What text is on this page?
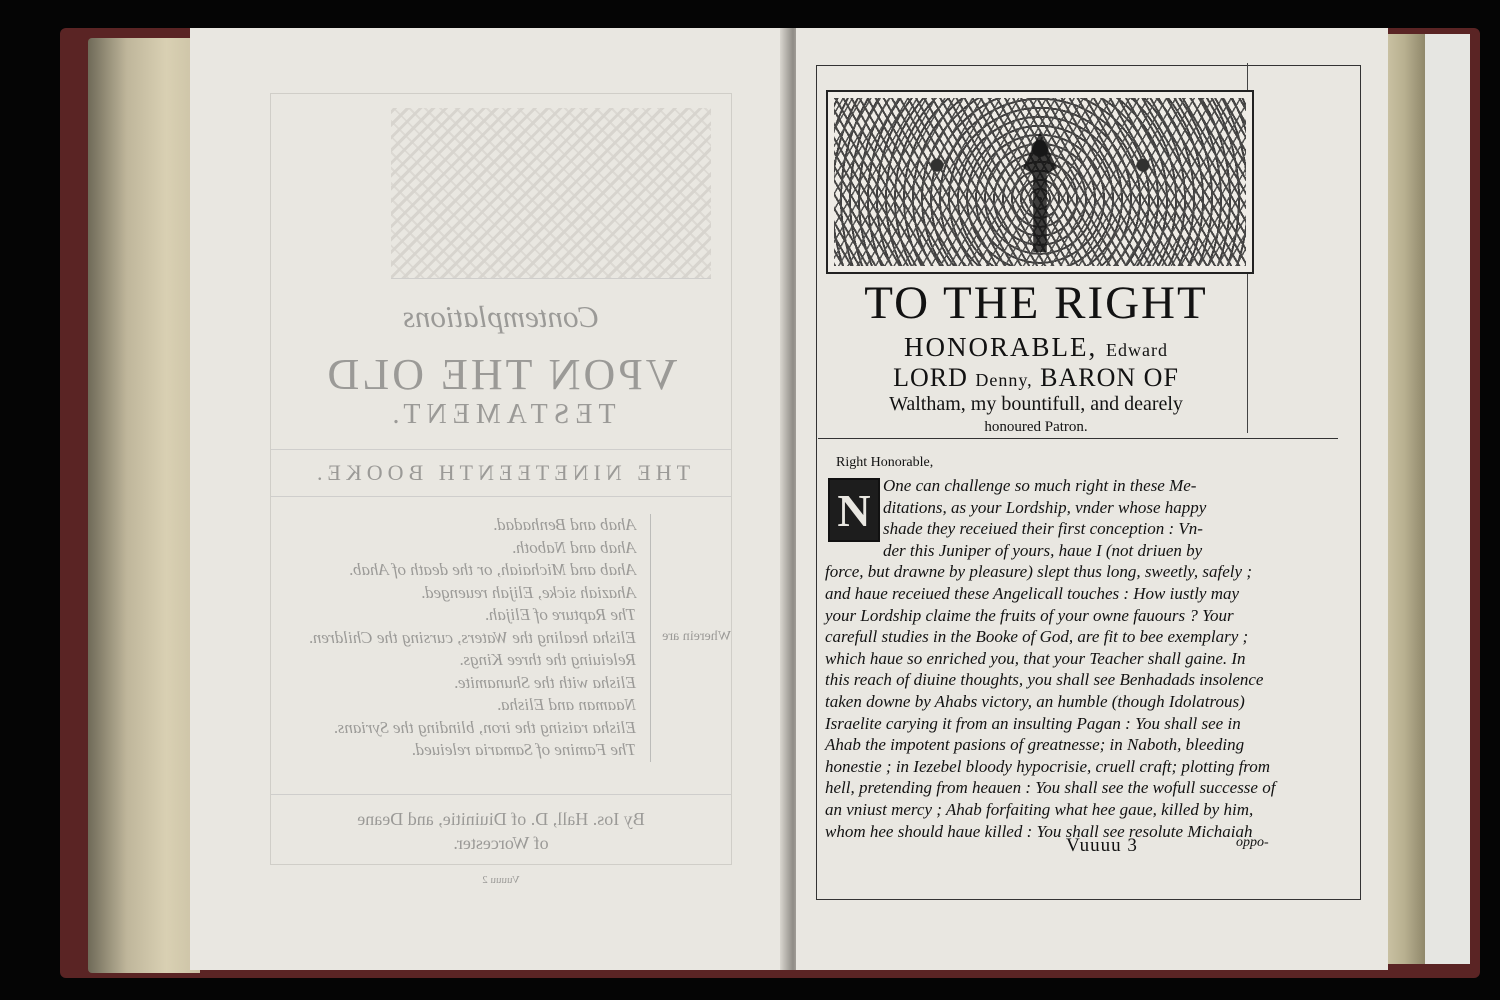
Contemplations
VPON THE OLD
TESTAMENT.
THE NINETEENTH BOOKE.
Wherein are
Ahab and Benhadad.
Ahab and Naboth.
Ahab and Michaiah, or the death of Ahab.
Ahaziah sicke, Elijah reuenged.
The Rapture of Elijah.
Elisha healing the Waters, cursing the Children.
Releiuing the three Kings.
Elisha with the Shunamite.
Naaman and Elisha.
Elisha raising the iron, blinding the Syrians.
The Famine of Samaria releiued.
By Ios. Hall, D. of Diuinitie, and Deane
of Worcester.
Vuuuu 2
TO THE RIGHT
HONORABLE, Edward
LORD Denny, BARON OF
Waltham, my bountifull, and dearely
honoured Patron.
Right Honorable,
N One can challenge so much right in these Me-
ditations, as your Lordship, vnder whose happy
shade they receiued their first conception : Vn-
der this Juniper of yours, haue I (not driuen by
force, but drawne by pleasure) slept thus long, sweetly, safely ;
and haue receiued these Angelicall touches : How iustly may
your Lordship claime the fruits of your owne fauours ? Your
carefull studies in the Booke of God, are fit to bee exemplary ;
which haue so enriched you, that your Teacher shall gaine. In
this reach of diuine thoughts, you shall see Benhadads insolence
taken downe by Ahabs victory, an humble (though Idolatrous)
Israelite carying it from an insulting Pagan : You shall see in
Ahab the impotent pasions of greatnesse; in Naboth, bleeding
honestie ; in Iezebel bloody hypocrisie, cruell craft; plotting from
hell, pretending from heauen : You shall see the wofull successe of
an vniust mercy ; Ahab forfaiting what hee gaue, killed by him,
whom hee should haue killed : You shall see resolute Michaiah
Vuuuu 3	oppo-
